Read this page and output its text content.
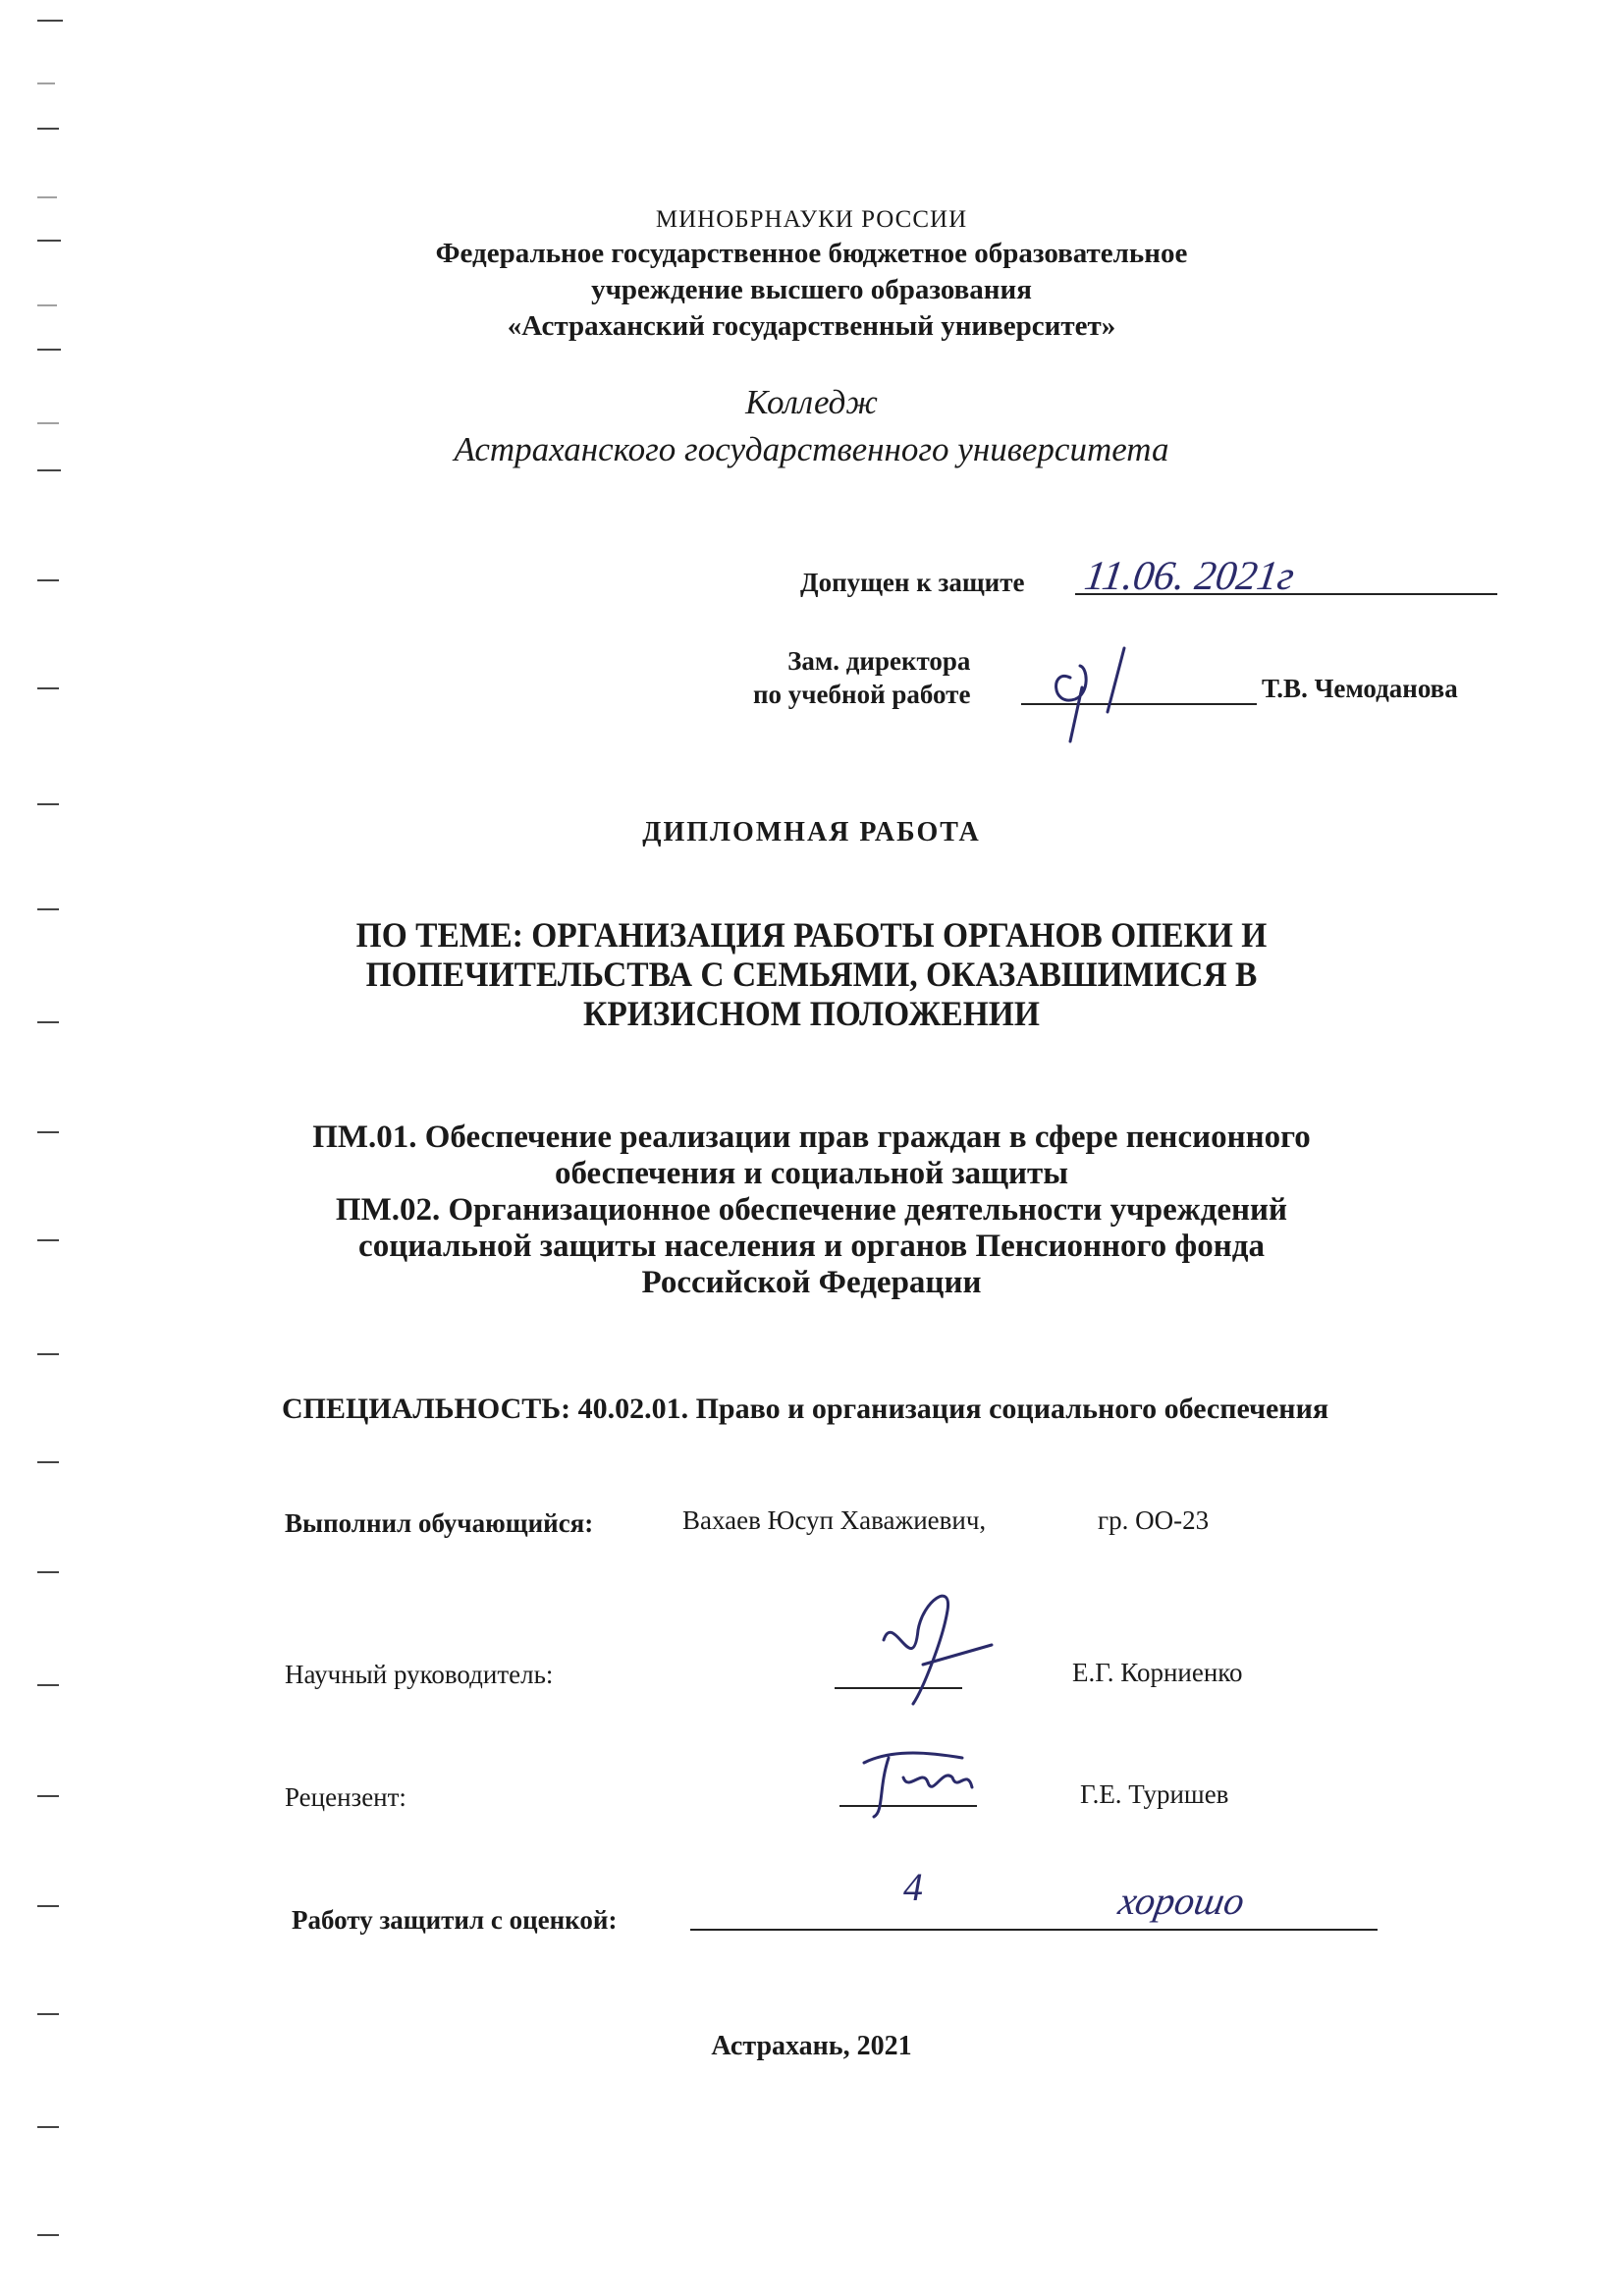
МИНОБРНАУКИ РОССИИ
Федеральное государственное бюджетное образовательное
учреждение высшего образования
«Астраханский государственный университет»
Колледж
Астраханского государственного университета
Допущен к защите 11.06. 2021г
Зам. директора
по учебной работе	Т.В. Чемоданова
ДИПЛОМНАЯ РАБОТА
ПО ТЕМЕ: ОРГАНИЗАЦИЯ РАБОТЫ ОРГАНОВ ОПЕКИ И
ПОПЕЧИТЕЛЬСТВА С СЕМЬЯМИ, ОКАЗАВШИМИСЯ В
КРИЗИСНОМ ПОЛОЖЕНИИ
ПМ.01. Обеспечение реализации прав граждан в сфере пенсионного
обеспечения и социальной защиты
ПМ.02. Организационное обеспечение деятельности учреждений
социальной защиты населения и органов Пенсионного фонда
Российской Федерации
СПЕЦИАЛЬНОСТЬ: 40.02.01. Право и организация социального обеспечения
Выполнил обучающийся:	Вахаев Юсуп Хаважиевич,	гр. ОО-23
Научный руководитель:	Е.Г. Корниенко
Рецензент:	Г.Е. Туришев
Работу защитил с оценкой:
4	хорошо
Астрахань, 2021
